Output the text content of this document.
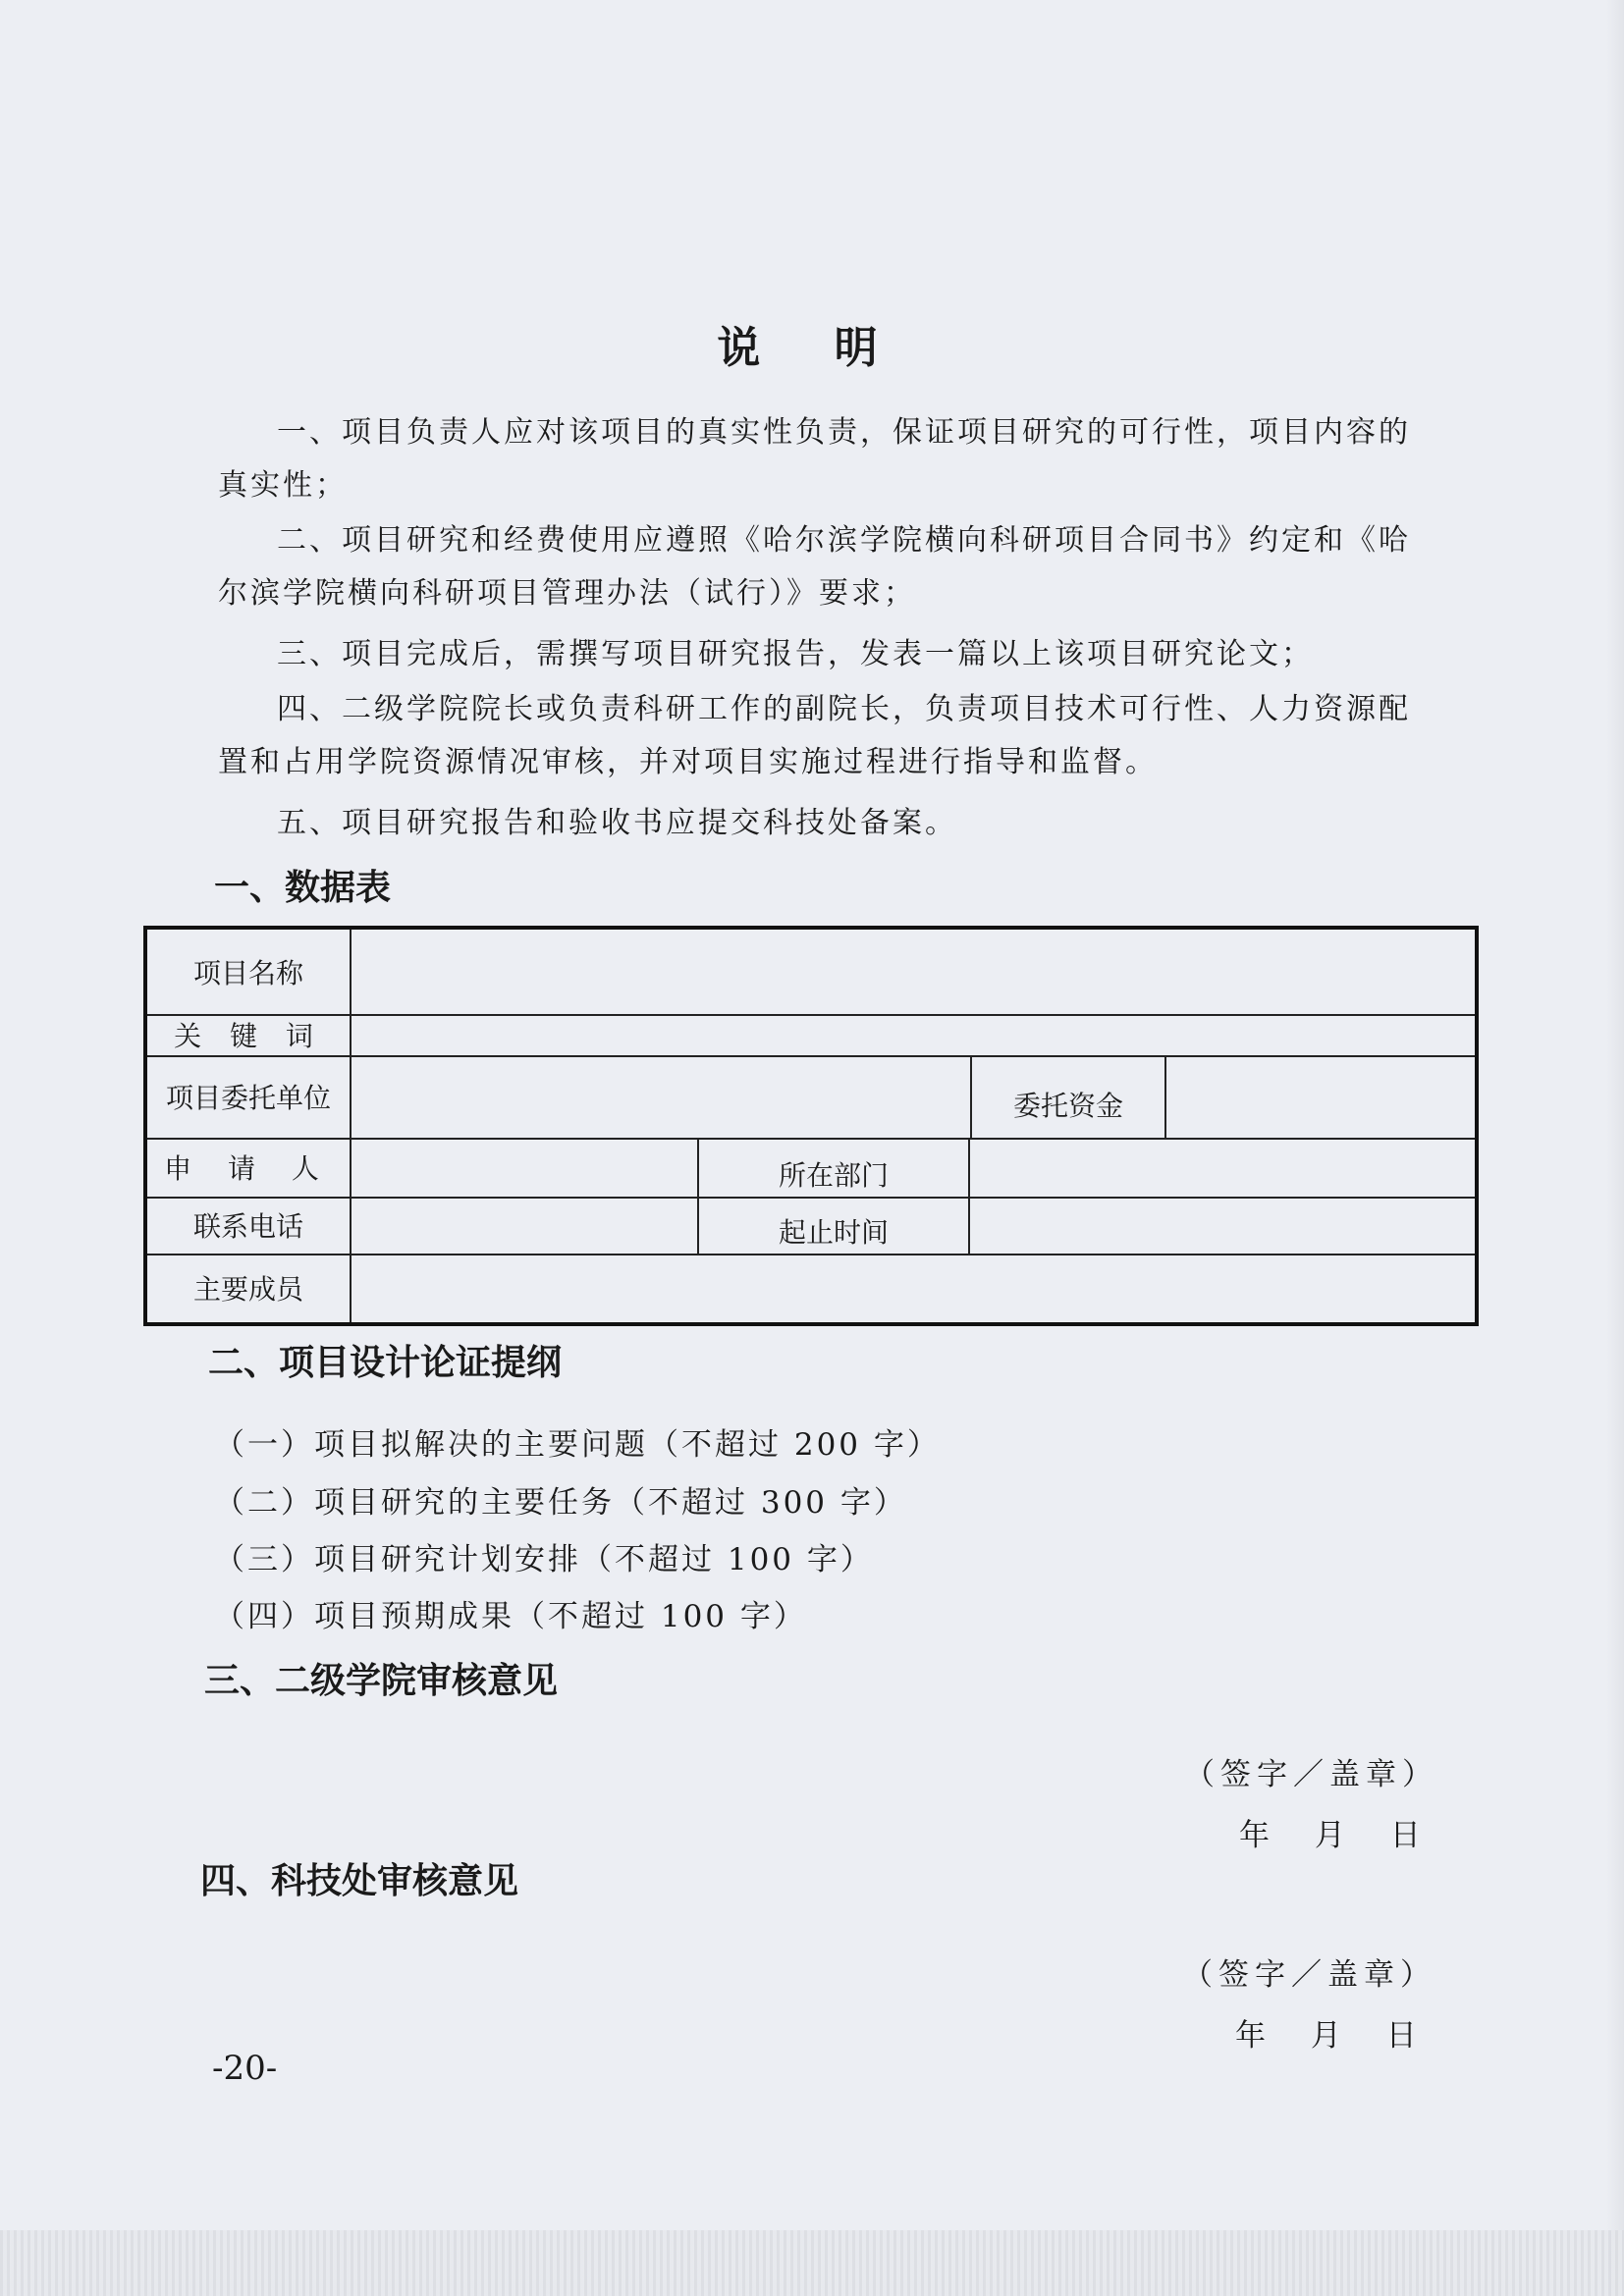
说 明

一、项目负责人应对该项目的真实性负责，保证项目研究的可行性，项目内容的真实性；

二、项目研究和经费使用应遵照《哈尔滨学院横向科研项目合同书》约定和《哈尔滨学院横向科研项目管理办法（试行）》要求；

三、项目完成后，需撰写项目研究报告，发表一篇以上该项目研究论文；

四、二级学院院长或负责科研工作的副院长，负责项目技术可行性、人力资源配置和占用学院资源情况审核，并对项目实施过程进行指导和监督。

五、项目研究报告和验收书应提交科技处备案。

一、数据表
项目名称
关 键 词
项目委托单位	委托资金
申 请 人	所在部门
联系电话	起止时间
主要成员
二、项目设计论证提纲

（一）项目拟解决的主要问题（不超过 200 字）

（二）项目研究的主要任务（不超过 300 字）

（三）项目研究计划安排（不超过 100 字）

（四）项目预期成果（不超过 100 字）

三、二级学院审核意见

（签字／盖章）

年 月 日

四、科技处审核意见

（签字／盖章）

年 月 日

-20-
